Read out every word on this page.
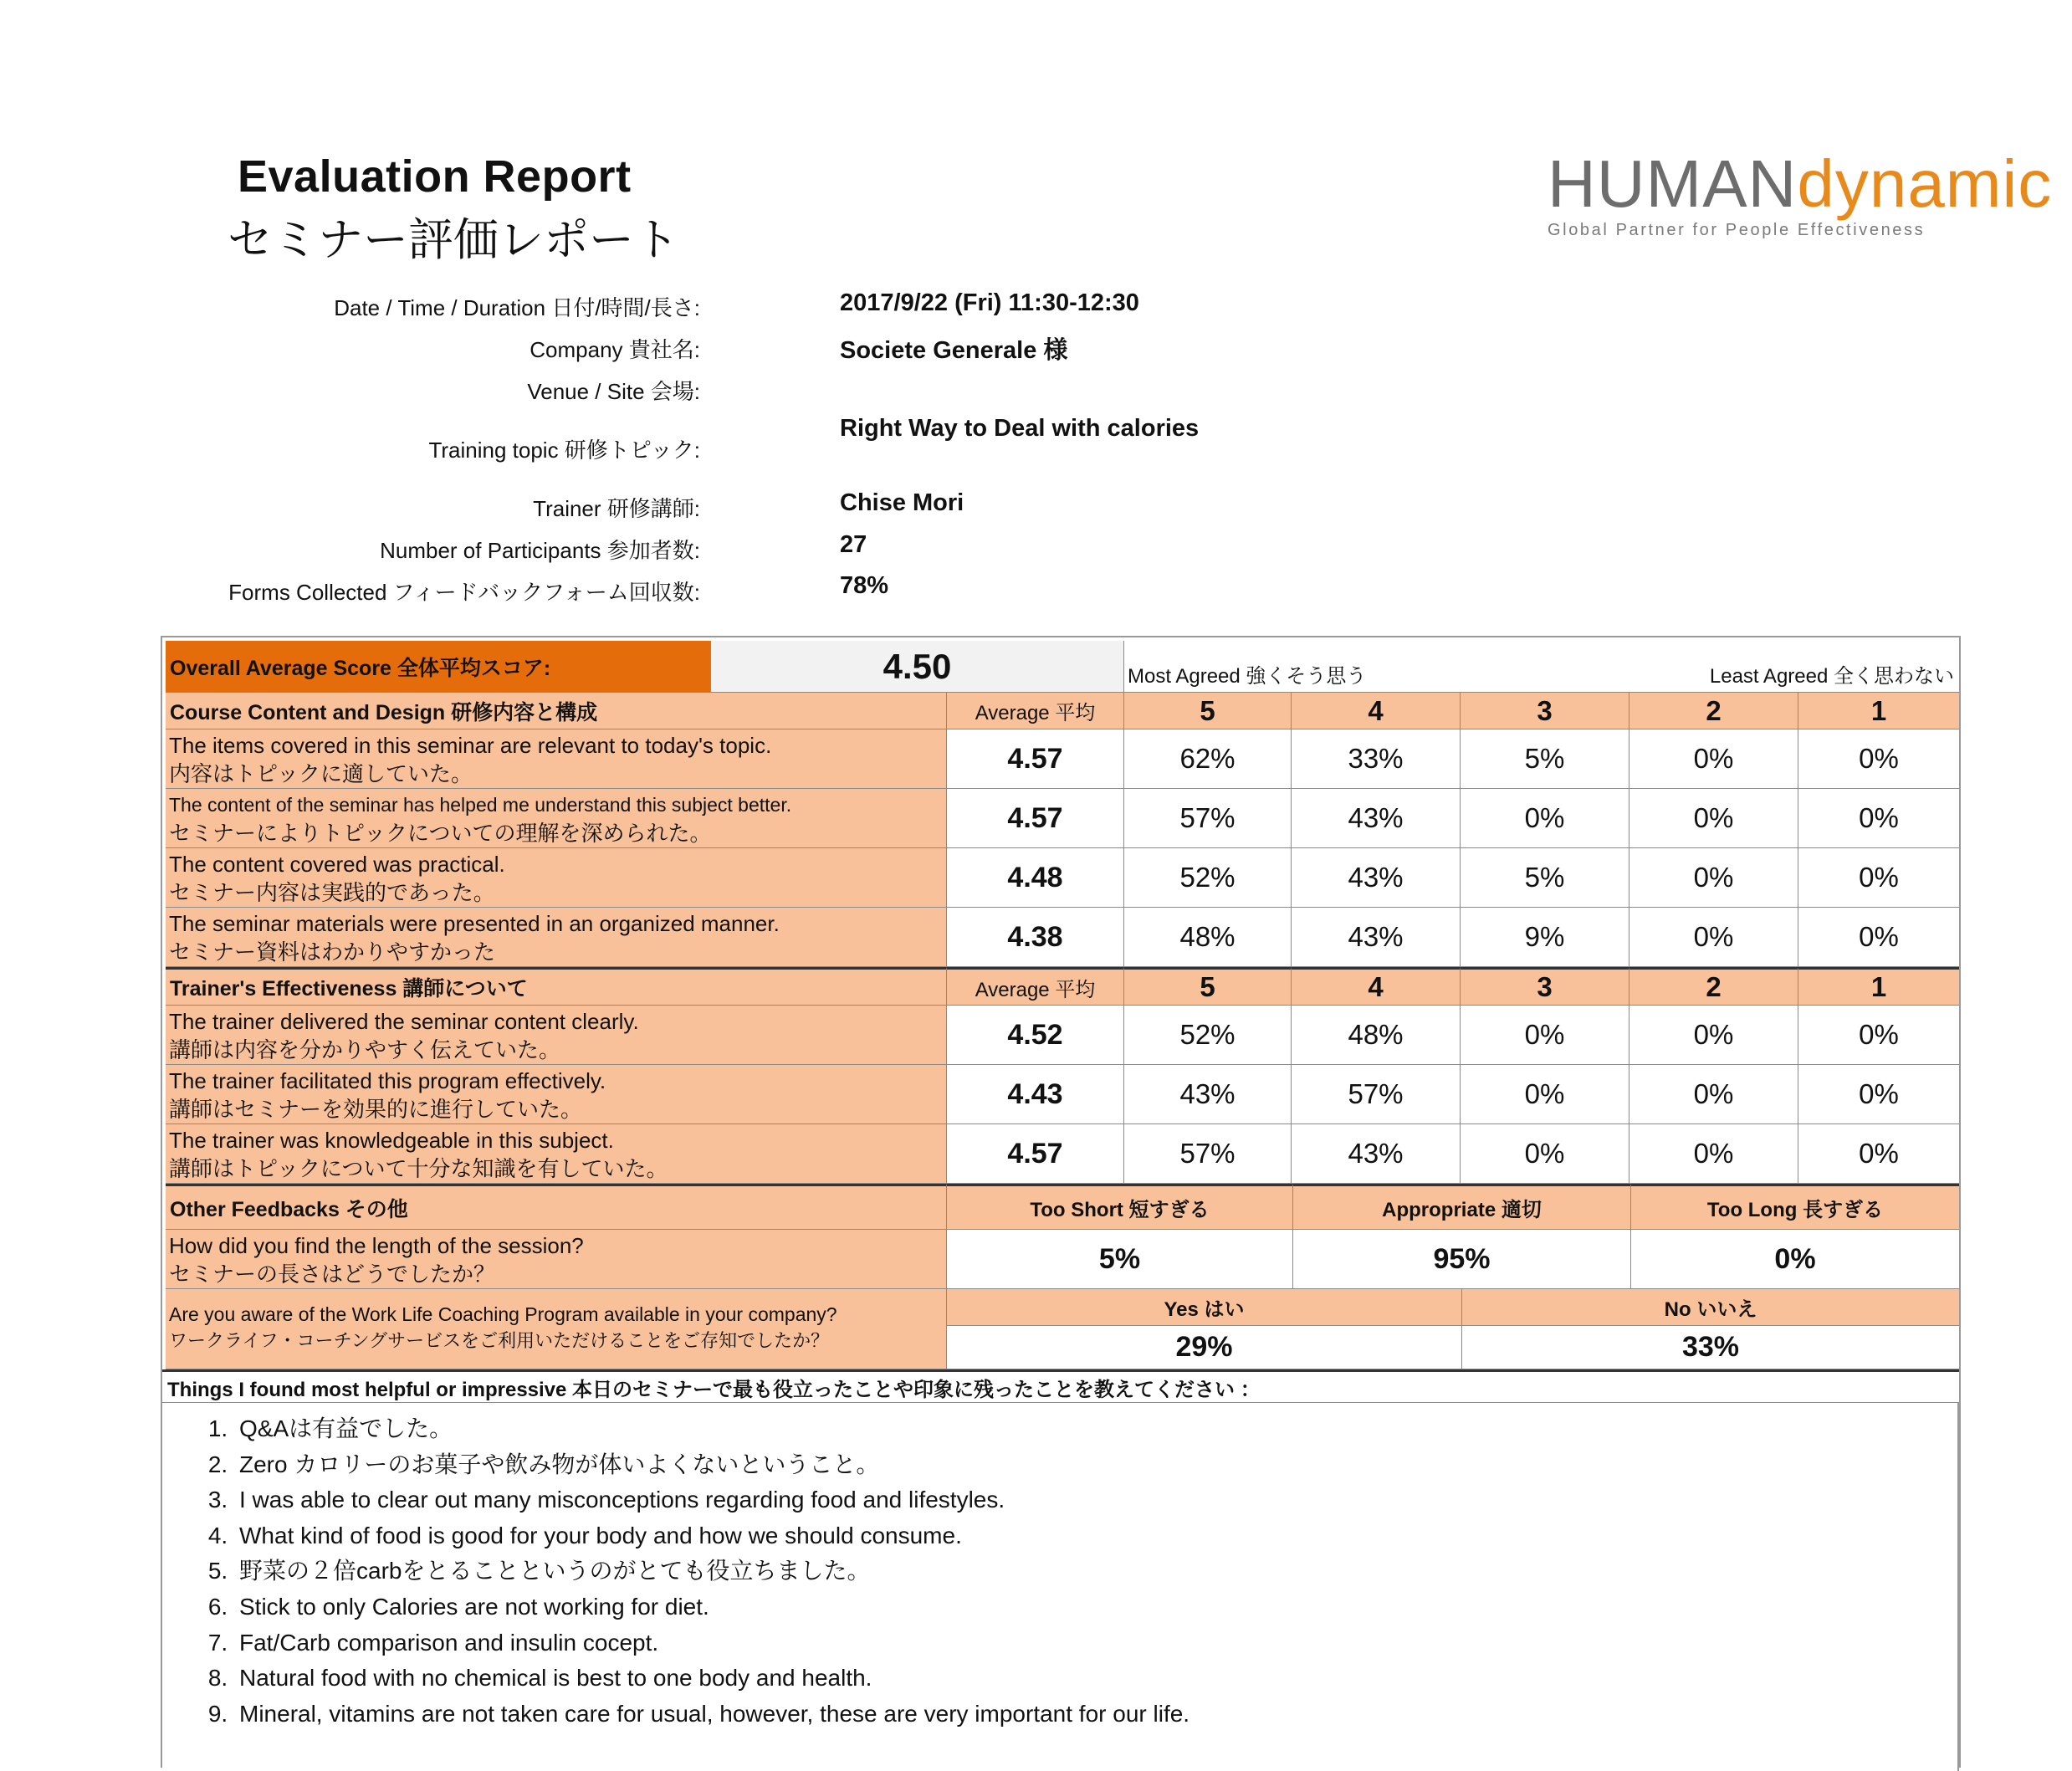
Evaluation Report
セミナー評価レポート
HUMANdynamic
Global Partner for People Effectiveness
Date / Time / Duration 日付/時間/長さ:	2017/9/22 (Fri) 11:30-12:30
Company 貴社名:	Societe Generale 様
Venue / Site 会場:
Training topic 研修トピック:
Right Way to Deal with calories
Trainer 研修講師:	Chise Mori
Number of Participants 参加者数:	27
Forms Collected フィードバックフォーム回収数:	78%
Overall Average Score 全体平均スコア:	4.50	Most Agreed 強くそう思う	Least Agreed 全く思わない
Course Content and Design 研修内容と構成	Average 平均	5	4	3	2	1
The items covered in this seminar are relevant to today's topic.
内容はトピックに適していた。	4.57	62%	33%	5%	0%	0%
The content of the seminar has helped me understand this subject better.
セミナーによりトピックについての理解を深められた。	4.57	57%	43%	0%	0%	0%
The content covered was practical.
セミナー内容は実践的であった。	4.48	52%	43%	5%	0%	0%
The seminar materials were presented in an organized manner.
セミナー資料はわかりやすかった	4.38	48%	43%	9%	0%	0%
Trainer's Effectiveness 講師について	Average 平均	5	4	3	2	1
The trainer delivered the seminar content clearly.
講師は内容を分かりやすく伝えていた。	4.52	52%	48%	0%	0%	0%
The trainer facilitated this program effectively.
講師はセミナーを効果的に進行していた。	4.43	43%	57%	0%	0%	0%
The trainer was knowledgeable in this subject.
講師はトピックについて十分な知識を有していた。	4.57	57%	43%	0%	0%	0%
Other Feedbacks その他	Too Short 短すぎる	Appropriate 適切	Too Long 長すぎる
How did you find the length of the session?
セミナーの長さはどうでしたか？	5%	95%	0%
Are you aware of the Work Life Coaching Program available in your company?
ワークライフ・コーチングサービスをご利用いただけることをご存知でしたか？
Yes はい	No いいえ
29%	33%
Things I found most helpful or impressive 本日のセミナーで最も役立ったことや印象に残ったことを教えてください ：
1. Q&Aは有益でした。
2. Zero カロリーのお菓子や飲み物が体いよくないということ。
3. I was able to clear out many misconceptions regarding food and lifestyles.
4. What kind of food is good for your body and how we should consume.
5. 野菜の２倍carbをとることというのがとても役立ちました。
6. Stick to only Calories are not working for diet.
7. Fat/Carb comparison and insulin cocept.
8. Natural food with no chemical is best to one body and health.
9. Mineral, vitamins are not taken care for usual, however, these are very important for our life.
